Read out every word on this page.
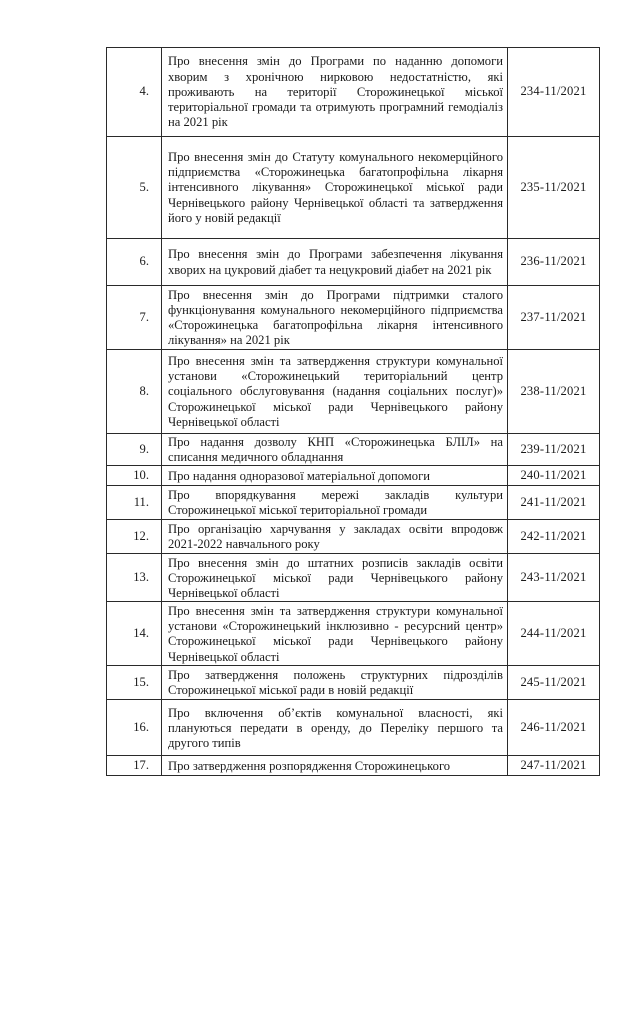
4.	Про внесення змін до Програми по наданню допомоги хворим з хронічною нирковою недостатністю, які проживають на території Сторожинецької міської територіальної громади та отримують програмний гемодіаліз на 2021 рік	234-11/2021
5.	Про внесення змін до Статуту комунального некомерційного підприємства «Сторожинецька багатопрофільна лікарня інтенсивного лікування» Сторожинецької міської ради Чернівецького району Чернівецької області та затвердження його у новій редакції	235-11/2021
6.	Про внесення змін до Програми забезпечення лікування хворих на цукровий діабет та нецукровий діабет на 2021 рік	236-11/2021
7.	Про внесення змін до Програми підтримки сталого функціонування комунального некомерційного підприємства «Сторожинецька багатопрофільна лікарня інтенсивного лікування» на 2021 рік	237-11/2021
8.	Про внесення змін та затвердження структури комунальної установи «Сторожинецький територіальний центр соціального обслуговування (надання соціальних послуг)» Сторожинецької міської ради Чернівецького району Чернівецької області	238-11/2021
9.	Про надання дозволу КНП «Сторожинецька БЛІЛ» на списання медичного обладнання	239-11/2021
10.	Про надання одноразової матеріальної допомоги	240-11/2021
11.	Про впорядкування мережі закладів культури Сторожинецької міської територіальної громади	241-11/2021
12.	Про організацію харчування у закладах освіти впродовж 2021-2022 навчального року	242-11/2021
13.	Про внесення змін до штатних розписів закладів освіти Сторожинецької міської ради Чернівецького району Чернівецької області	243-11/2021
14.	Про внесення змін та затвердження структури комунальної установи «Сторожинецький інклюзивно - ресурсний центр» Сторожинецької міської ради Чернівецького району Чернівецької області	244-11/2021
15.	Про затвердження положень структурних підрозділів Сторожинецької міської ради в новій редакції	245-11/2021
16.	Про включення об’єктів комунальної власності, які плануються передати в оренду, до Переліку першого та другого типів	246-11/2021
17.	Про затвердження розпорядження Сторожинецького	247-11/2021
